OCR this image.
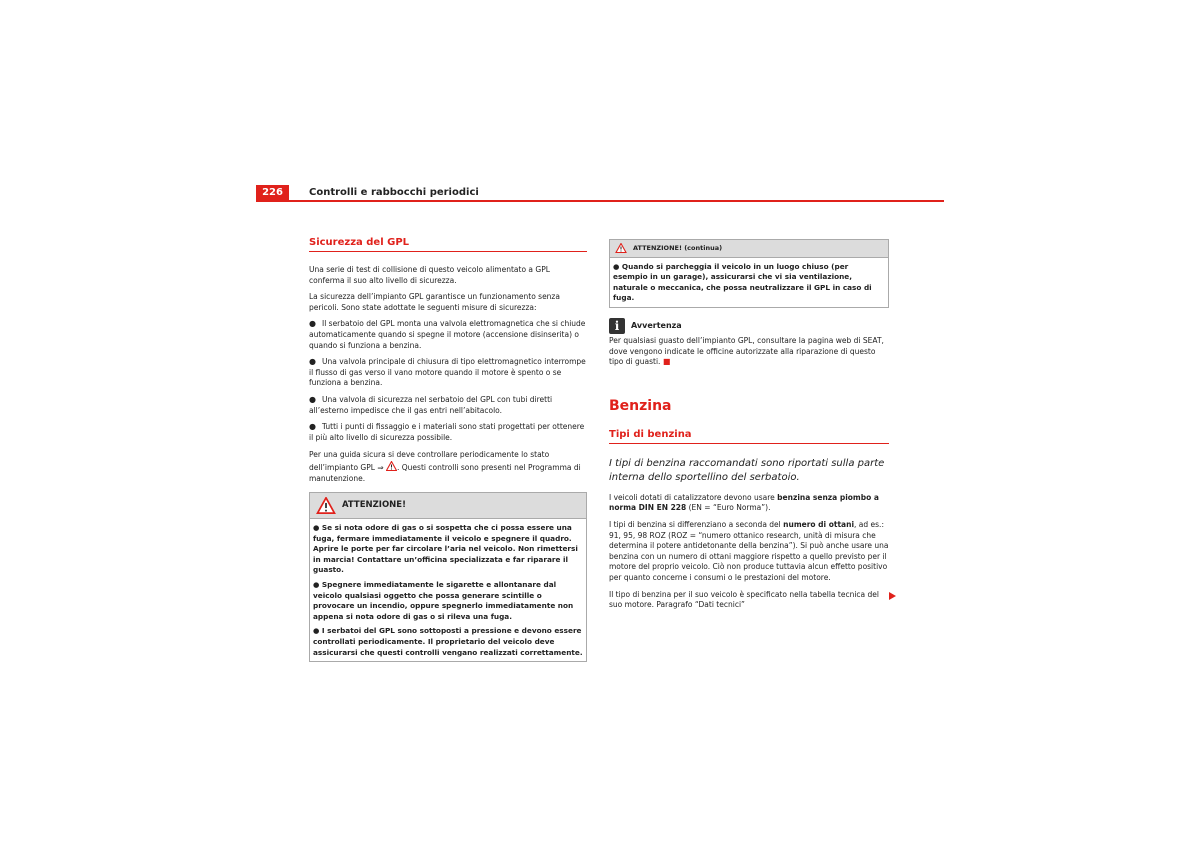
226	Controlli e rabbocchi periodici
Sicurezza del GPL

Una serie di test di collisione di questo veicolo alimentato a GPL conferma il suo alto livello di sicurezza.

La sicurezza dell’impianto GPL garantisce un funzionamento senza pericoli. Sono state adottate le seguenti misure di sicurezza:

● Il serbatoio del GPL monta una valvola elettromagnetica che si chiude automaticamente quando si spegne il motore (accensione disinserita) o quando si funziona a benzina.

● Una valvola principale di chiusura di tipo elettromagnetico interrompe il flusso di gas verso il vano motore quando il motore è spento o se funziona a benzina.

● Una valvola di sicurezza nel serbatoio del GPL con tubi diretti all’esterno impedisce che il gas entri nell’abitacolo.

● Tutti i punti di fissaggio e i materiali sono stati progettati per ottenere il più alto livello di sicurezza possibile.

Per una guida sicura si deve controllare periodicamente lo stato dell’impianto GPL ⇒ . Questi controlli sono presenti nel Programma di manutenzione.

ATTENZIONE!

● Se si nota odore di gas o si sospetta che ci possa essere una fuga, fermare immediatamente il veicolo e spegnere il quadro. Aprire le porte per far circolare l’aria nel veicolo. Non rimettersi in marcia! Contattare un’officina specializzata e far riparare il guasto.

● Spegnere immediatamente le sigarette e allontanare dal veicolo qualsiasi oggetto che possa generare scintille o provocare un incendio, oppure spegnerlo immediatamente non appena si nota odore di gas o si rileva una fuga.

● I serbatoi del GPL sono sottoposti a pressione e devono essere controllati periodicamente. Il proprietario del veicolo deve assicurarsi che questi controlli vengano realizzati correttamente.

ATTENZIONE! (continua)

● Quando si parcheggia il veicolo in un luogo chiuso (per esempio in un garage), assicurarsi che vi sia ventilazione, naturale o meccanica, che possa neutralizzare il GPL in caso di fuga.

i	Avvertenza

Per qualsiasi guasto dell’impianto GPL, consultare la pagina web di SEAT, dove vengono indicate le officine autorizzate alla riparazione di questo tipo di guasti. ■

Benzina
Tipi di benzina

I tipi di benzina raccomandati sono riportati sulla parte interna dello sportellino del serbatoio.

I veicoli dotati di catalizzatore devono usare benzina senza piombo a norma DIN EN 228 (EN = “Euro Norma”).

I tipi di benzina si differenziano a seconda del numero di ottani, ad es.: 91, 95, 98 ROZ (ROZ = “numero ottanico research, unità di misura che determina il potere antidetonante della benzina”). Si può anche usare una benzina con un numero di ottani maggiore rispetto a quello previsto per il motore del proprio veicolo. Ciò non produce tuttavia alcun effetto positivo per quanto concerne i consumi o le prestazioni del motore.

Il tipo di benzina per il suo veicolo è specificato nella tabella tecnica del suo motore. Paragrafo “Dati tecnici”
